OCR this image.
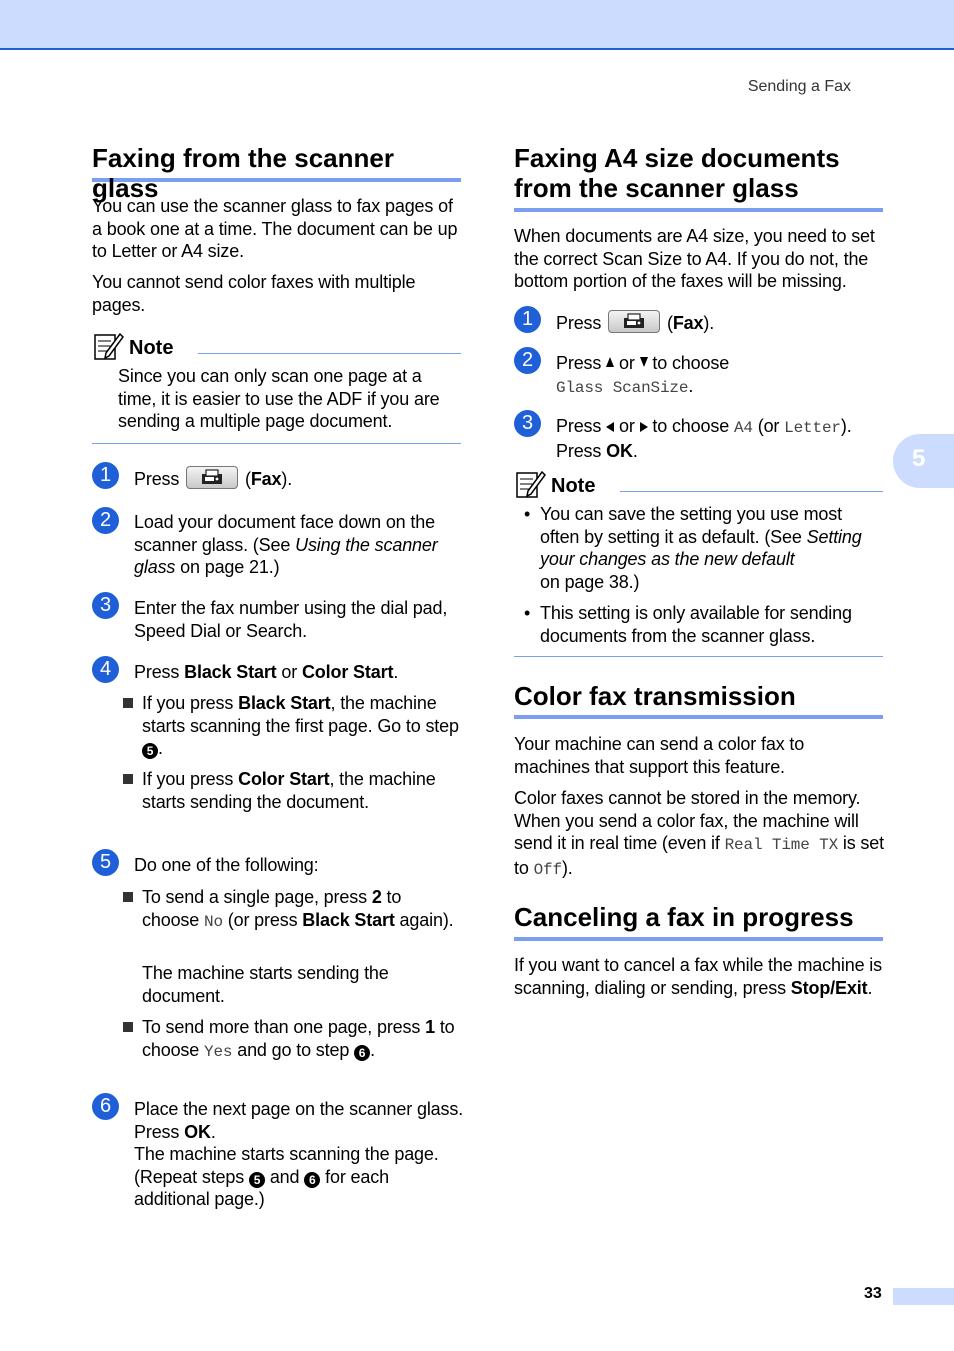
Sending a Fax
5
Faxing from the scanner glass

You can use the scanner glass to fax pages of a book one at a time. The document can be up to Letter or A4 size.

You cannot send color faxes with multiple pages.

Note

Since you can only scan one page at a time, it is easier to use the ADF if you are sending a multiple page document.

1	Press	(Fax).
2	Load your document face down on the scanner glass. (See Using the scanner glass on page 21.)
3	Enter the fax number using the dial pad, Speed Dial or Search.
4	Press Black Start or Color Start.
If you press Black Start, the machine starts scanning the first page. Go to step 5 .
If you press Color Start, the machine starts sending the document.
5	Do one of the following:
To send a single page, press 2 to choose No (or press Black Start again).
The machine starts sending the document.
To send more than one page, press 1 to choose Yes and go to step 6 .
6	Place the next page on the scanner glass.
Press OK.
The machine starts scanning the page.
(Repeat steps 5 and 6 for each additional page.)
Faxing A4 size documents from the scanner glass

When documents are A4 size, you need to set the correct Scan Size to A4. If you do not, the bottom portion of the faxes will be missing.

1	Press	(Fax).
2	Press  or  to choose
Glass ScanSize.
3	Press  or  to choose A4 (or Letter).
Press OK.
Note
• You can save the setting you use most often by setting it as default. (See Setting your changes as the new default
on page 38.)
• This setting is only available for sending documents from the scanner glass.
Color fax transmission

Your machine can send a color fax to machines that support this feature.

Color faxes cannot be stored in the memory. When you send a color fax, the machine will send it in real time (even if Real Time TX is set to Off).

Canceling a fax in progress

If you want to cancel a fax while the machine is scanning, dialing or sending, press Stop/Exit.

33
